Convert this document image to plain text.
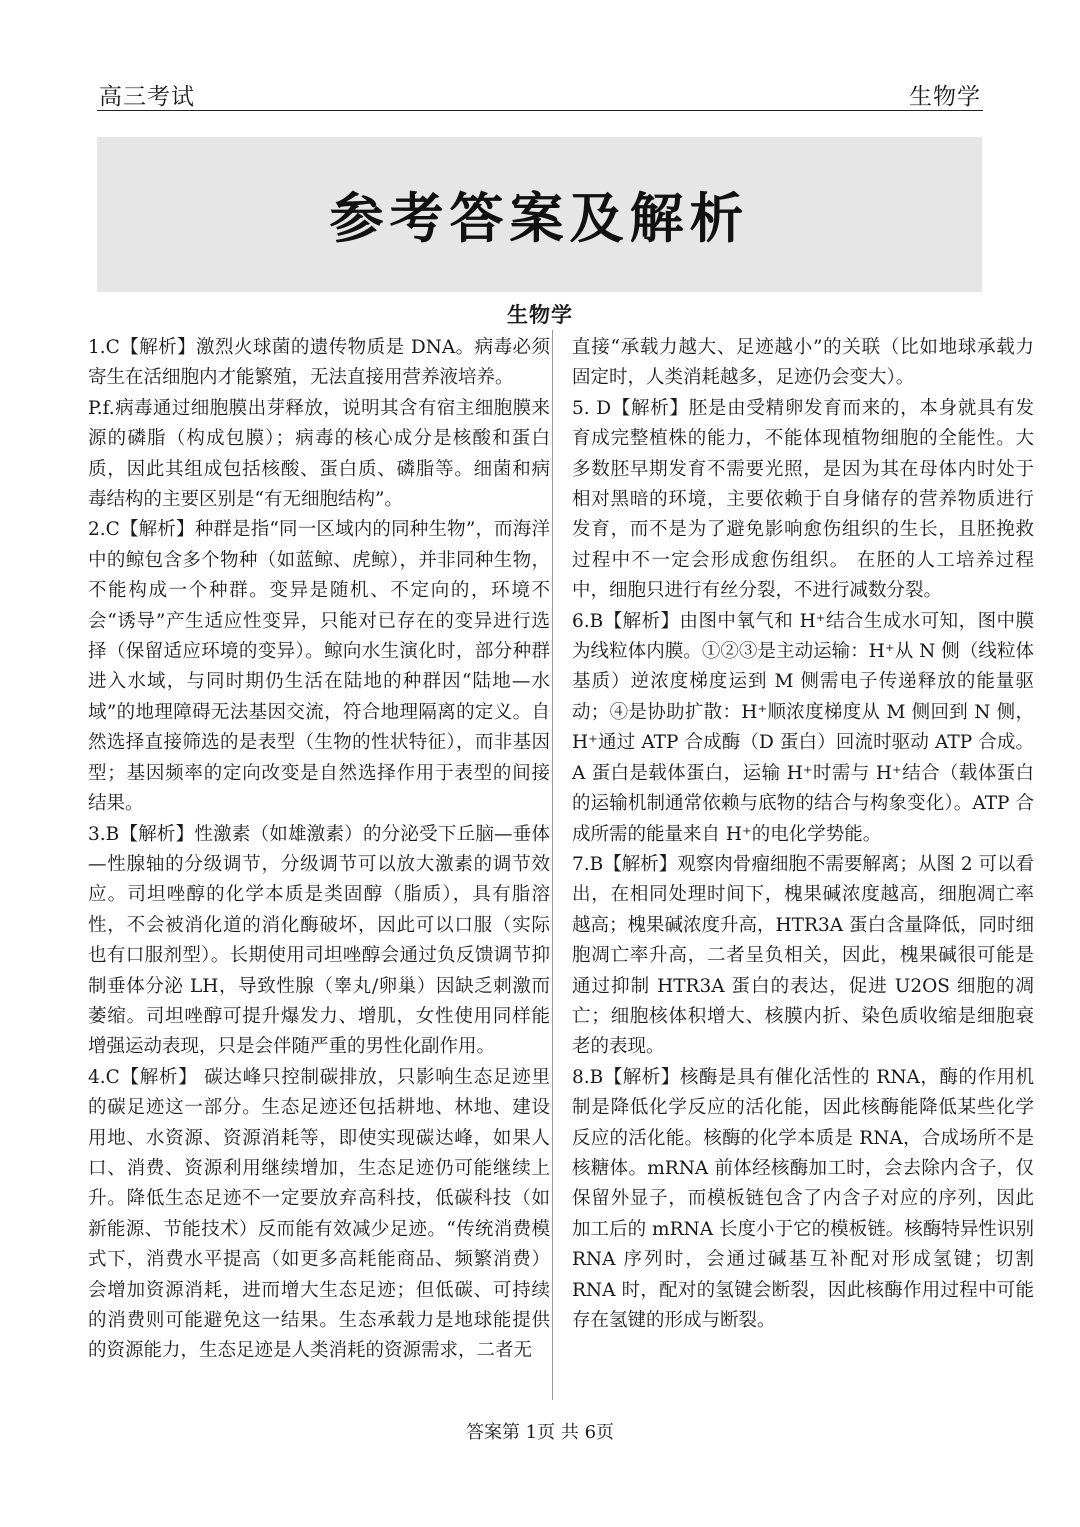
高三考试	生物学
参考答案及解析
生物学

1.C【解析】激烈火球菌的遗传物质是 DNA。病毒必须寄生在活细胞内才能繁殖，无法直接用营养液培养。

P.f.病毒通过细胞膜出芽释放，说明其含有宿主细胞膜来源的磷脂（构成包膜）；病毒的核心成分是核酸和蛋白质，因此其组成包括核酸、蛋白质、磷脂等。细菌和病毒结构的主要区别是“有无细胞结构”。

2.C【解析】种群是指“同一区域内的同种生物”，而海洋中的鲸包含多个物种（如蓝鲸、虎鲸），并非同种生物，不能构成一个种群。变异是随机、不定向的，环境不会“诱导”产生适应性变异，只能对已存在的变异进行选择（保留适应环境的变异）。鲸向水生演化时，部分种群进入水域，与同时期仍生活在陆地的种群因“陆地—水域”的地理障碍无法基因交流，符合地理隔离的定义。自然选择直接筛选的是表型（生物的性状特征），而非基因型；基因频率的定向改变是自然选择作用于表型的间接结果。

3.B【解析】性激素（如雄激素）的分泌受下丘脑—垂体—性腺轴的分级调节，分级调节可以放大激素的调节效应。司坦唑醇的化学本质是类固醇（脂质），具有脂溶性，不会被消化道的消化酶破坏，因此可以口服（实际也有口服剂型）。长期使用司坦唑醇会通过负反馈调节抑制垂体分泌 LH，导致性腺（睾丸/卵巢）因缺乏刺激而萎缩。司坦唑醇可提升爆发力、增肌，女性使用同样能增强运动表现，只是会伴随严重的男性化副作用。

4.C【解析】 碳达峰只控制碳排放，只影响生态足迹里的碳足迹这一部分。生态足迹还包括耕地、林地、建设用地、水资源、资源消耗等，即使实现碳达峰，如果人口、消费、资源利用继续增加，生态足迹仍可能继续上升。降低生态足迹不一定要放弃高科技，低碳科技（如新能源、节能技术）反而能有效减少足迹。“传统消费模式下，消费水平提高（如更多高耗能商品、频繁消费）会增加资源消耗，进而增大生态足迹；但低碳、可持续的消费则可能避免这一结果。生态承载力是地球能提供的资源能力，生态足迹是人类消耗的资源需求，二者无

直接“承载力越大、足迹越小”的关联（比如地球承载力固定时，人类消耗越多，足迹仍会变大）。

5. D【解析】胚是由受精卵发育而来的，本身就具有发育成完整植株的能力，不能体现植物细胞的全能性。大多数胚早期发育不需要光照，是因为其在母体内时处于相对黑暗的环境，主要依赖于自身储存的营养物质进行发育，而不是为了避免影响愈伤组织的生长，且胚挽救过程中不一定会形成愈伤组织。 在胚的人工培养过程中，细胞只进行有丝分裂，不进行减数分裂。

6.B【解析】由图中氧气和 H⁺结合生成水可知，图中膜为线粒体内膜。①②③是主动运输：H⁺从 N 侧（线粒体基质）逆浓度梯度运到 M 侧需电子传递释放的能量驱动；④是协助扩散：H⁺顺浓度梯度从 M 侧回到 N 侧，H⁺通过 ATP 合成酶（D 蛋白）回流时驱动 ATP 合成。A 蛋白是载体蛋白，运输 H⁺时需与 H⁺结合（载体蛋白的运输机制通常依赖与底物的结合与构象变化）。ATP 合成所需的能量来自 H⁺的电化学势能。

7.B【解析】观察肉骨瘤细胞不需要解离；从图 2 可以看出，在相同处理时间下，槐果碱浓度越高，细胞凋亡率越高；槐果碱浓度升高，HTR3A 蛋白含量降低，同时细胞凋亡率升高，二者呈负相关，因此，槐果碱很可能是通过抑制 HTR3A 蛋白的表达，促进 U2OS 细胞的凋亡；细胞核体积增大、核膜内折、染色质收缩是细胞衰老的表现。

8.B【解析】核酶是具有催化活性的 RNA，酶的作用机制是降低化学反应的活化能，因此核酶能降低某些化学反应的活化能。核酶的化学本质是 RNA，合成场所不是核糖体。mRNA 前体经核酶加工时，会去除内含子，仅保留外显子，而模板链包含了内含子对应的序列，因此加工后的 mRNA 长度小于它的模板链。核酶特异性识别 RNA 序列时，会通过碱基互补配对形成氢键；切割 RNA 时，配对的氢键会断裂，因此核酶作用过程中可能存在氢键的形成与断裂。

答案第 1页 共 6页
